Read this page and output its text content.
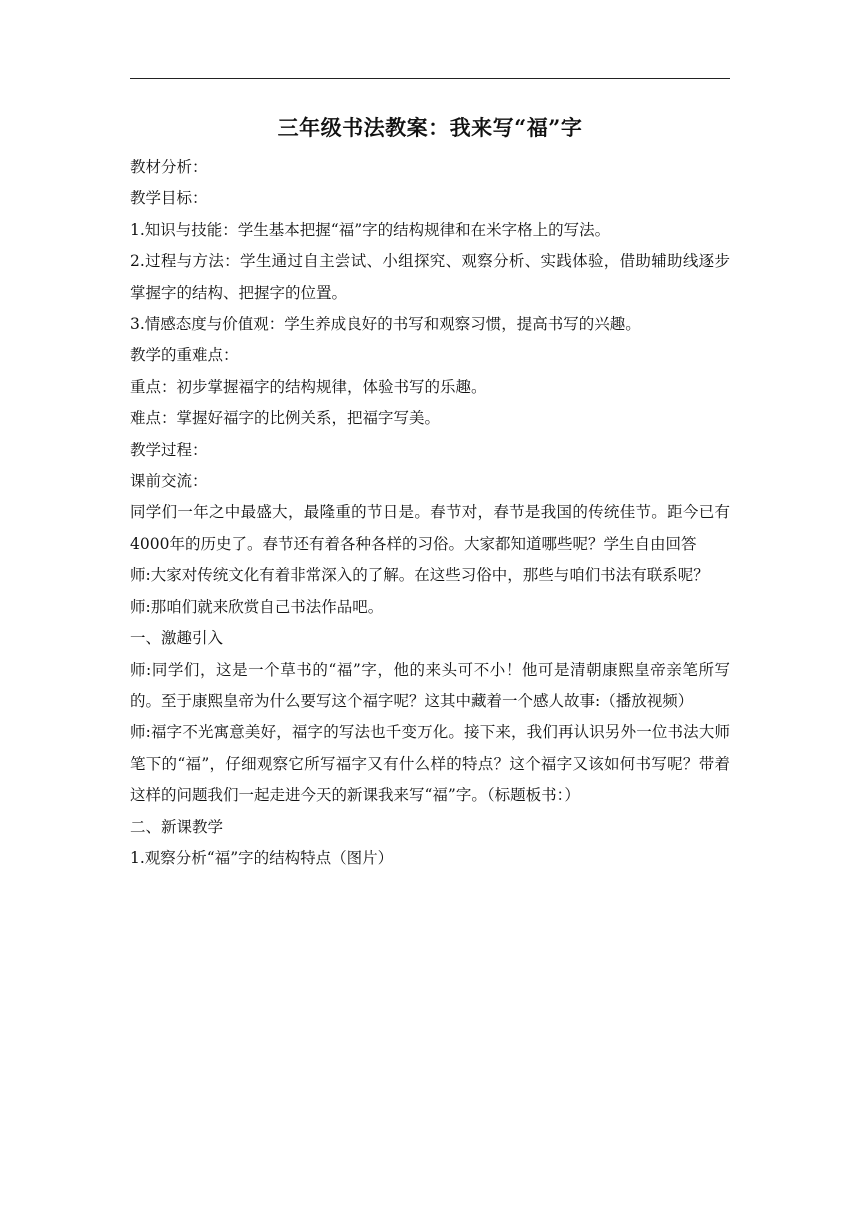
三年级书法教案：我来写“福”字

教材分析：

教学目标：

1.知识与技能：学生基本把握“福”字的结构规律和在米字格上的写法。

2.过程与方法：学生通过自主尝试、小组探究、观察分析、实践体验，借助辅助线逐步掌握字的结构、把握字的位置。

3.情感态度与价值观：学生养成良好的书写和观察习惯，提高书写的兴趣。

教学的重难点：

重点：初步掌握福字的结构规律，体验书写的乐趣。

难点：掌握好福字的比例关系，把福字写美。

教学过程：

课前交流：

同学们一年之中最盛大，最隆重的节日是。春节对，春节是我国的传统佳节。距今已有4000年的历史了。春节还有着各种各样的习俗。大家都知道哪些呢？学生自由回答

师:大家对传统文化有着非常深入的了解。在这些习俗中，那些与咱们书法有联系呢？

师:那咱们就来欣赏自己书法作品吧。

一、激趣引入

师:同学们，这是一个草书的“福”字，他的来头可不小！他可是清朝康熙皇帝亲笔所写的。至于康熙皇帝为什么要写这个福字呢？这其中藏着一个感人故事:（播放视频）

师:福字不光寓意美好，福字的写法也千变万化。接下来，我们再认识另外一位书法大师笔下的“福”，仔细观察它所写福字又有什么样的特点？这个福字又该如何书写呢？带着这样的问题我们一起走进今天的新课我来写“福”字。（标题板书：）

二、新课教学

1.观察分析“福”字的结构特点（图片）
